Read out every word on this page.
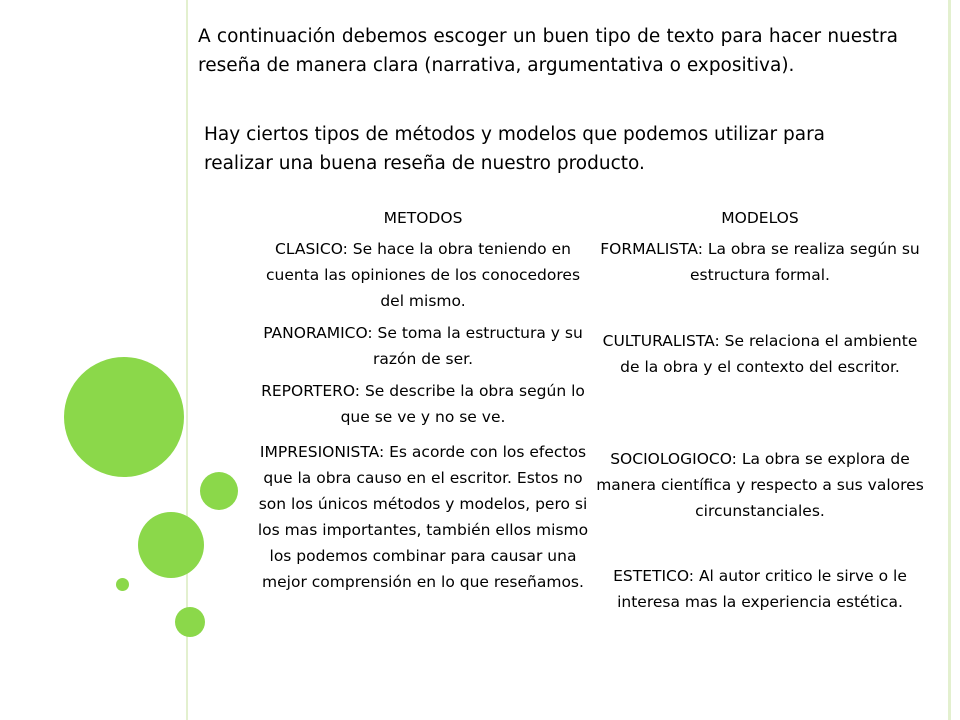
A continuación debemos escoger un buen tipo de texto para hacer nuestra reseña de manera clara (narrativa, argumentativa o expositiva).

Hay ciertos tipos de métodos y modelos que podemos utilizar para realizar una buena reseña de nuestro producto.

METODOS	MODELOS
CLASICO: Se hace la obra teniendo en cuenta las opiniones de los conocedores del mismo.
PANORAMICO: Se toma la estructura y su razón de ser.
REPORTERO: Se describe la obra según lo que se ve y no se ve.
IMPRESIONISTA: Es acorde con los efectos que la obra causo en el escritor. Estos no son los únicos métodos y modelos, pero si los mas importantes, también ellos mismo los podemos combinar para causar una mejor comprensión en lo que reseñamos.
FORMALISTA: La obra se realiza según su estructura formal.
CULTURALISTA: Se relaciona el ambiente de la obra y el contexto del escritor.
SOCIOLOGIOCO: La obra se explora de manera científica y respecto a sus valores circunstanciales.
ESTETICO: Al autor critico le sirve o le interesa mas la experiencia estética.
